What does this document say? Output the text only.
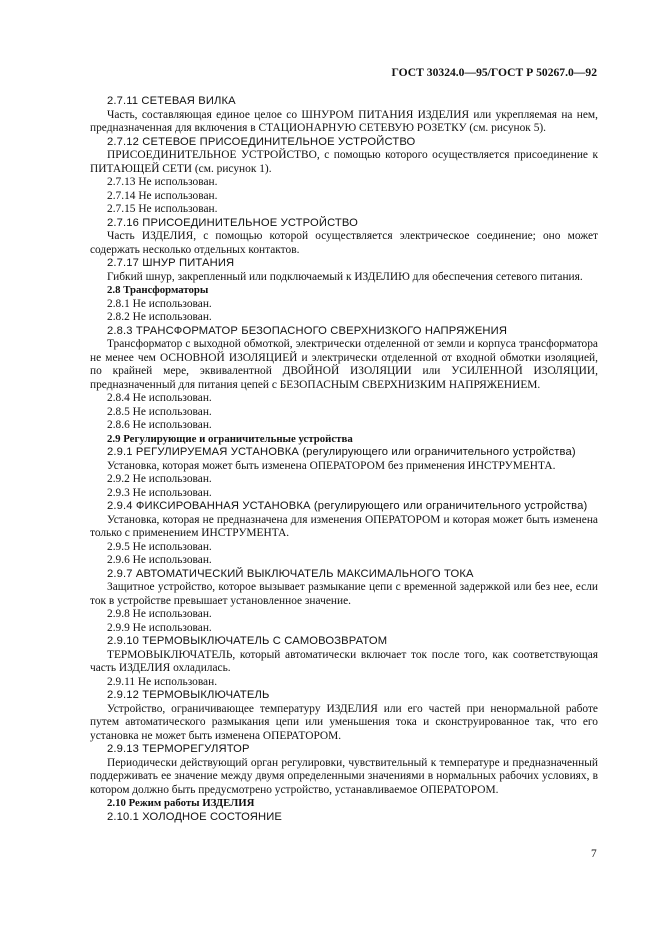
ГОСТ 30324.0—95/ГОСТ Р 50267.0—92

2.7.11 СЕТЕВАЯ ВИЛКА

Часть, составляющая единое целое со ШНУРОМ ПИТАНИЯ ИЗДЕЛИЯ или укрепляемая на нем, предназначенная для включения в СТАЦИОНАРНУЮ СЕТЕВУЮ РОЗЕТКУ (см. рисунок 5).

2.7.12 СЕТЕВОЕ ПРИСОЕДИНИТЕЛЬНОЕ УСТРОЙСТВО

ПРИСОЕДИНИТЕЛЬНОЕ УСТРОЙСТВО, с помощью которого осуществляется присоединение к ПИТАЮЩЕЙ СЕТИ (см. рисунок 1).

2.7.13 Не использован.

2.7.14 Не использован.

2.7.15 Не использован.

2.7.16 ПРИСОЕДИНИТЕЛЬНОЕ УСТРОЙСТВО

Часть ИЗДЕЛИЯ, с помощью которой осуществляется электрическое соединение; оно может содержать несколько отдельных контактов.

2.7.17 ШНУР ПИТАНИЯ

Гибкий шнур, закрепленный или подключаемый к ИЗДЕЛИЮ для обеспечения сетевого питания.

2.8 Трансформаторы

2.8.1 Не использован.

2.8.2 Не использован.

2.8.3 ТРАНСФОРМАТОР БЕЗОПАСНОГО СВЕРХНИЗКОГО НАПРЯЖЕНИЯ

Трансформатор с выходной обмоткой, электрически отделенной от земли и корпуса трансформатора не менее чем ОСНОВНОЙ ИЗОЛЯЦИЕЙ и электрически отделенной от входной обмотки изоляцией, по крайней мере, эквивалентной ДВОЙНОЙ ИЗОЛЯЦИИ или УСИЛЕННОЙ ИЗОЛЯЦИИ, предназначенный для питания цепей с БЕЗОПАСНЫМ СВЕРХНИЗКИМ НАПРЯЖЕНИЕМ.

2.8.4 Не использован.

2.8.5 Не использован.

2.8.6 Не использован.

2.9 Регулирующие и ограничительные устройства

2.9.1 РЕГУЛИРУЕМАЯ УСТАНОВКА (регулирующего или ограничительного устройства)

Установка, которая может быть изменена ОПЕРАТОРОМ без применения ИНСТРУМЕНТА.

2.9.2 Не использован.

2.9.3 Не использован.

2.9.4 ФИКСИРОВАННАЯ УСТАНОВКА (регулирующего или ограничительного устройства)

Установка, которая не предназначена для изменения ОПЕРАТОРОМ и которая может быть изменена только с применением ИНСТРУМЕНТА.

2.9.5 Не использован.

2.9.6 Не использован.

2.9.7 АВТОМАТИЧЕСКИЙ ВЫКЛЮЧАТЕЛЬ МАКСИМАЛЬНОГО ТОКА

Защитное устройство, которое вызывает размыкание цепи с временной задержкой или без нее, если ток в устройстве превышает установленное значение.

2.9.8 Не использован.

2.9.9 Не использован.

2.9.10 ТЕРМОВЫКЛЮЧАТЕЛЬ С САМОВОЗВРАТОМ

ТЕРМОВЫКЛЮЧАТЕЛЬ, который автоматически включает ток после того, как соответствующая часть ИЗДЕЛИЯ охладилась.

2.9.11 Не использован.

2.9.12 ТЕРМОВЫКЛЮЧАТЕЛЬ

Устройство, ограничивающее температуру ИЗДЕЛИЯ или его частей при ненормальной работе путем автоматического размыкания цепи или уменьшения тока и сконструированное так, что его установка не может быть изменена ОПЕРАТОРОМ.

2.9.13 ТЕРМОРЕГУЛЯТОР

Периодически действующий орган регулировки, чувствительный к температуре и предназначенный поддерживать ее значение между двумя определенными значениями в нормальных рабочих условиях, в котором должно быть предусмотрено устройство, устанавливаемое ОПЕРАТОРОМ.

2.10 Режим работы ИЗДЕЛИЯ

2.10.1 ХОЛОДНОЕ СОСТОЯНИЕ

7
